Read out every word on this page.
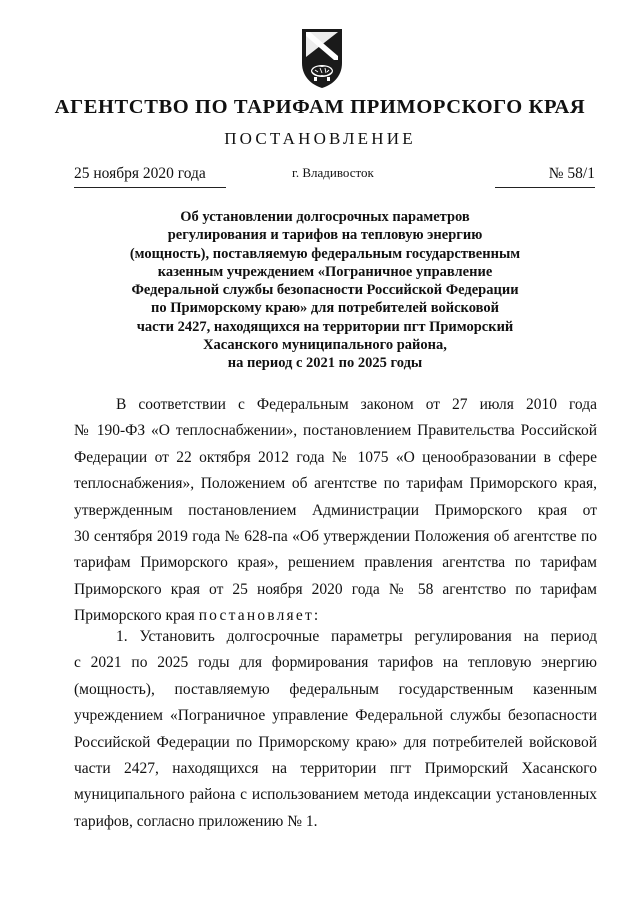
АГЕНТСТВО ПО ТАРИФАМ ПРИМОРСКОГО КРАЯ
ПОСТАНОВЛЕНИЕ
25 ноября 2020 года	г. Владивосток	№ 58/1
Об установлении долгосрочных параметров
регулирования и тарифов на тепловую энергию
(мощность), поставляемую федеральным государственным
казенным учреждением «Пограничное управление
Федеральной службы безопасности Российской Федерации
по Приморскому краю» для потребителей войсковой
части 2427, находящихся на территории пгт Приморский
Хасанского муниципального района,
на период с 2021 по 2025 годы
В соответствии с Федеральным законом от 27 июля 2010 года
№ 190-ФЗ «О теплоснабжении», постановлением Правительства Российской
Федерации от 22 октября 2012 года № 1075 «О ценообразовании в сфере
теплоснабжения», Положением об агентстве по тарифам Приморского края,
утвержденным постановлением Администрации Приморского края от
30 сентября 2019 года № 628-па «Об утверждении Положения об агентстве по
тарифам Приморского края», решением правления агентства по тарифам
Приморского края от 25 ноября 2020 года № 58 агентство по тарифам
Приморского края постановляет:
1. Установить долгосрочные параметры регулирования на период
с 2021 по 2025 годы для формирования тарифов на тепловую энергию
(мощность), поставляемую федеральным государственным казенным
учреждением «Пограничное управление Федеральной службы безопасности
Российской Федерации по Приморскому краю» для потребителей войсковой
части 2427, находящихся на территории пгт Приморский Хасанского
муниципального района с использованием метода индексации установленных
тарифов, согласно приложению № 1.
